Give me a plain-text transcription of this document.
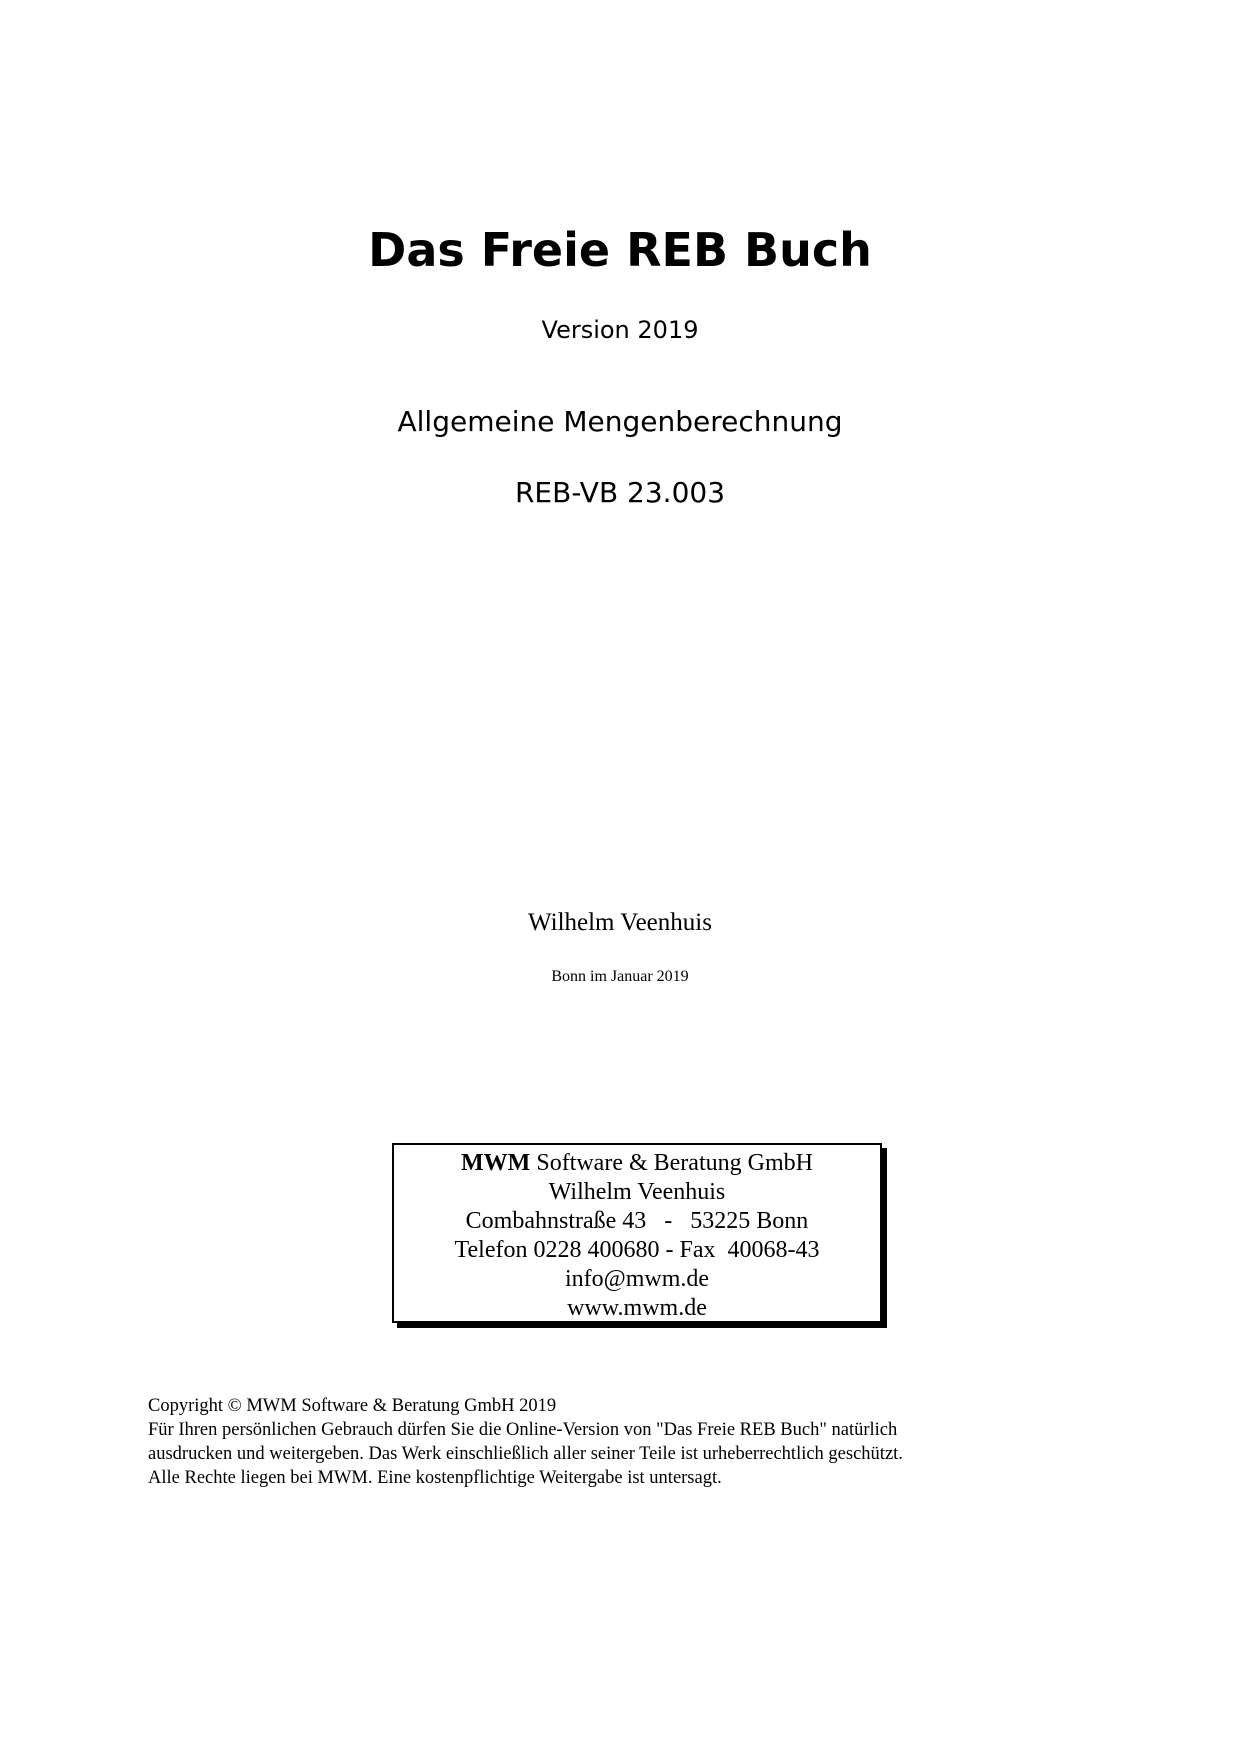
Das Freie REB Buch
Version 2019
Allgemeine Mengenberechnung
REB-VB 23.003
Wilhelm Veenhuis
Bonn im Januar 2019
MWM Software & Beratung GmbH
Wilhelm Veenhuis
Combahnstraße 43   -   53225 Bonn
Telefon 0228 400680 - Fax  40068-43
info@mwm.de
www.mwm.de
Copyright © MWM Software & Beratung GmbH 2019
Für Ihren persönlichen Gebrauch dürfen Sie die Online-Version von "Das Freie REB Buch" natürlich
ausdrucken und weitergeben. Das Werk einschließlich aller seiner Teile ist urheberrechtlich geschützt.
Alle Rechte liegen bei MWM. Eine kostenpflichtige Weitergabe ist untersagt.
